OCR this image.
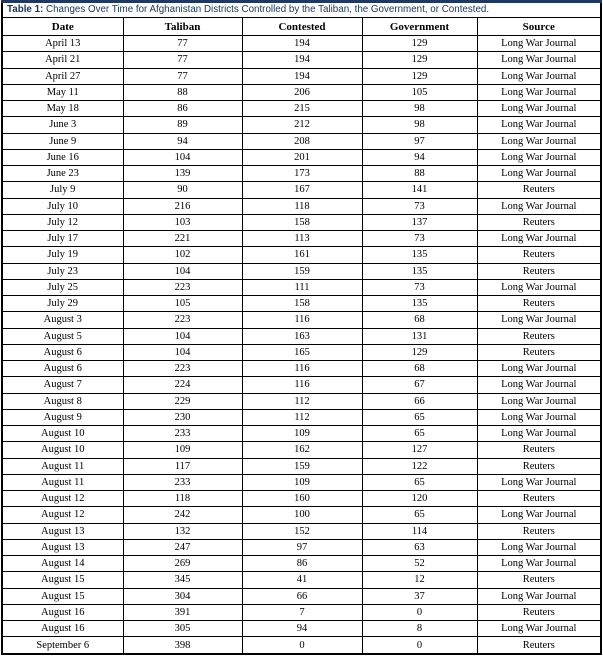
Table 1: Changes Over Time for Afghanistan Districts Controlled by the Taliban, the Government, or Contested.				
Date	Taliban	Contested	Government	Source
April 13	77	194	129	Long War Journal
April 21	77	194	129	Long War Journal
April 27	77	194	129	Long War Journal
May 11	88	206	105	Long War Journal
May 18	86	215	98	Long War Journal
June 3	89	212	98	Long War Journal
June 9	94	208	97	Long War Journal
June 16	104	201	94	Long War Journal
June 23	139	173	88	Long War Journal
July 9	90	167	141	Reuters
July 10	216	118	73	Long War Journal
July 12	103	158	137	Reuters
July 17	221	113	73	Long War Journal
July 19	102	161	135	Reuters
July 23	104	159	135	Reuters
July 25	223	111	73	Long War Journal
July 29	105	158	135	Reuters
August 3	223	116	68	Long War Journal
August 5	104	163	131	Reuters
August 6	104	165	129	Reuters
August 6	223	116	68	Long War Journal
August 7	224	116	67	Long War Journal
August 8	229	112	66	Long War Journal
August 9	230	112	65	Long War Journal
August 10	233	109	65	Long War Journal
August 10	109	162	127	Reuters
August 11	117	159	122	Reuters
August 11	233	109	65	Long War Journal
August 12	118	160	120	Reuters
August 12	242	100	65	Long War Journal
August 13	132	152	114	Reuters
August 13	247	97	63	Long War Journal
August 14	269	86	52	Long War Journal
August 15	345	41	12	Reuters
August 15	304	66	37	Long War Journal
August 16	391	7	0	Reuters
August 16	305	94	8	Long War Journal
September 6	398	0	0	Reuters
